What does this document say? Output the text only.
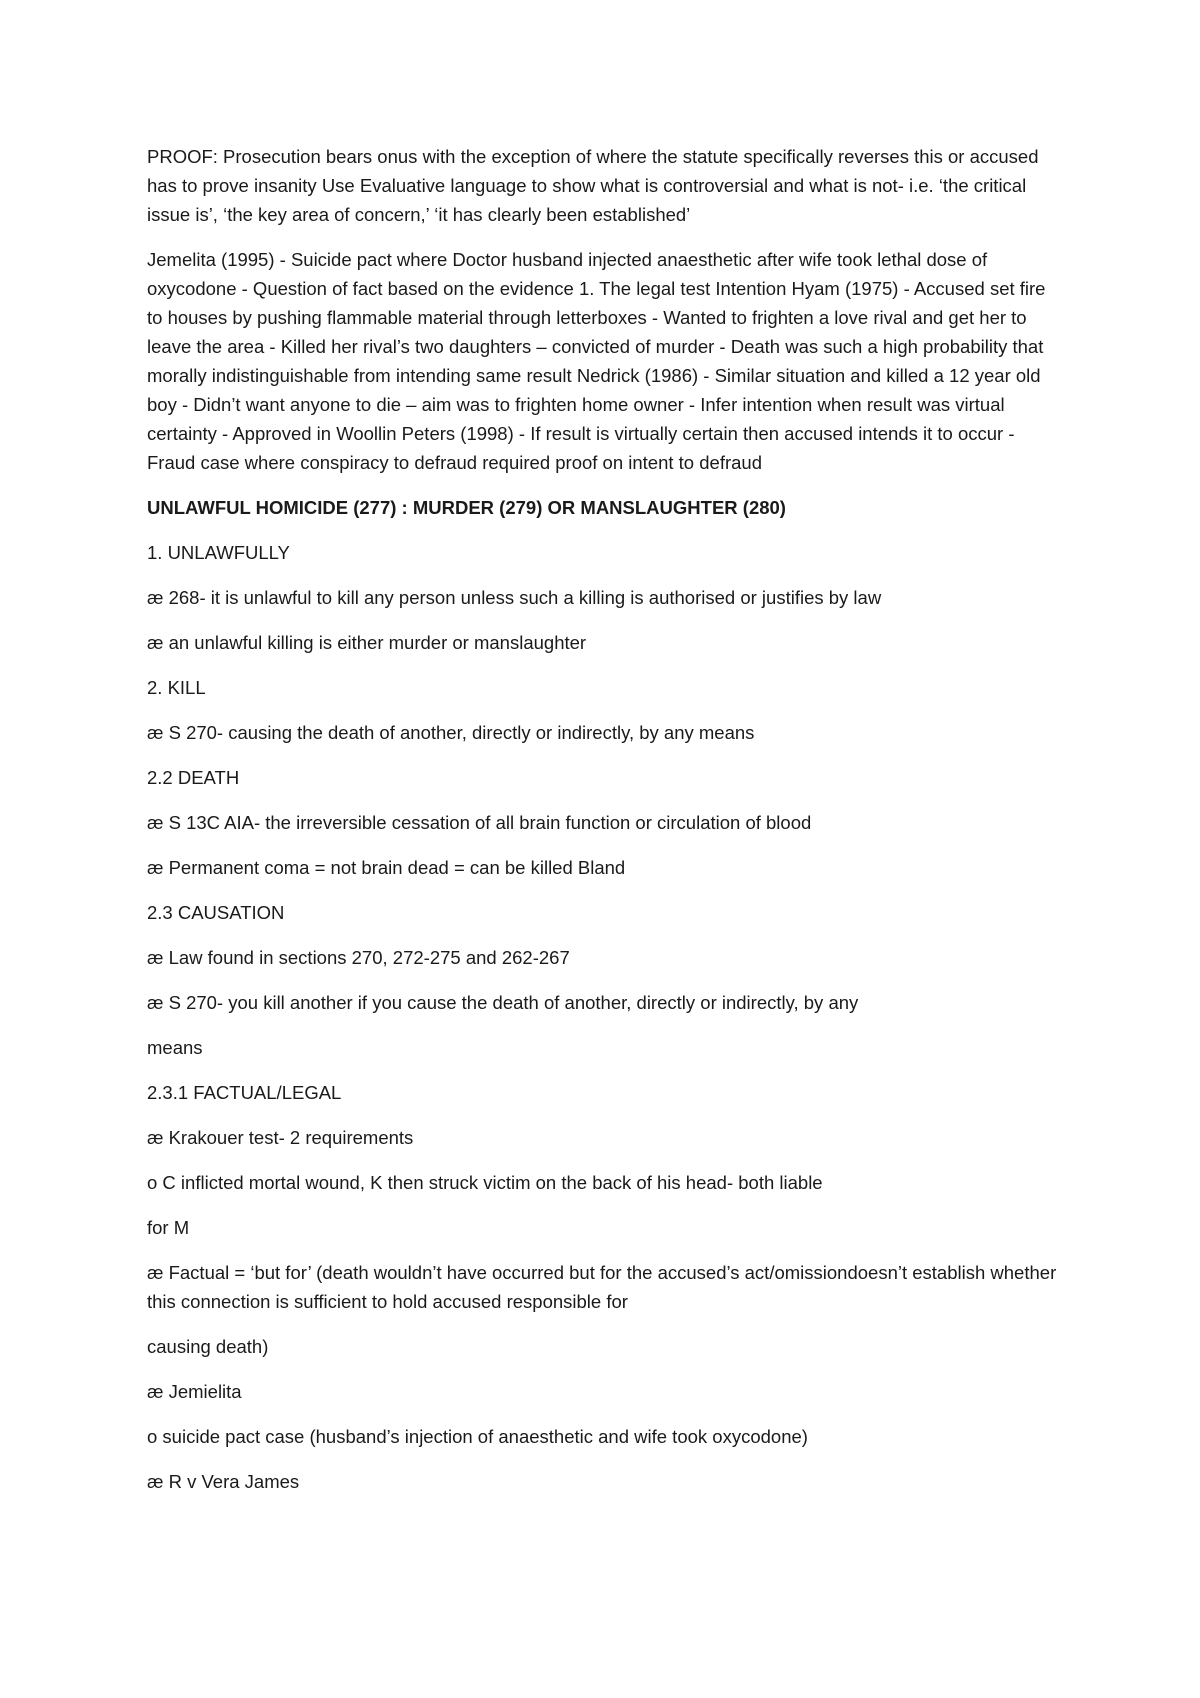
PROOF: Prosecution bears onus with the exception of where the statute specifically reverses this or accused has to prove insanity Use Evaluative language to show what is controversial and what is not- i.e. ‘the critical issue is’, ‘the key area of concern,’ ‘it has clearly been established’

Jemelita (1995) - Suicide pact where Doctor husband injected anaesthetic after wife took lethal dose of oxycodone - Question of fact based on the evidence 1. The legal test Intention Hyam (1975) - Accused set fire to houses by pushing flammable material through letterboxes - Wanted to frighten a love rival and get her to leave the area - Killed her rival’s two daughters – convicted of murder - Death was such a high probability that morally indistinguishable from intending same result Nedrick (1986) - Similar situation and killed a 12 year old boy - Didn’t want anyone to die – aim was to frighten home owner - Infer intention when result was virtual certainty - Approved in Woollin Peters (1998) - If result is virtually certain then accused intends it to occur - Fraud case where conspiracy to defraud required proof on intent to defraud

UNLAWFUL HOMICIDE (277) : MURDER (279) OR MANSLAUGHTER (280)

1. UNLAWFULLY

æ 268- it is unlawful to kill any person unless such a killing is authorised or justifies by law

æ an unlawful killing is either murder or manslaughter

2. KILL

æ S 270- causing the death of another, directly or indirectly, by any means

2.2 DEATH

æ S 13C AIA- the irreversible cessation of all brain function or circulation of blood

æ Permanent coma = not brain dead = can be killed Bland

2.3 CAUSATION

æ Law found in sections 270, 272-275 and 262-267

æ S 270- you kill another if you cause the death of another, directly or indirectly, by any

means

2.3.1 FACTUAL/LEGAL

æ Krakouer test- 2 requirements

o C inflicted mortal wound, K then struck victim on the back of his head- both liable

for M

æ Factual = ‘but for’ (death wouldn’t have occurred but for the accused’s act/omissiondoesn’t establish whether this connection is sufficient to hold accused responsible for

causing death)

æ Jemielita

o suicide pact case (husband’s injection of anaesthetic and wife took oxycodone)

æ R v Vera James
